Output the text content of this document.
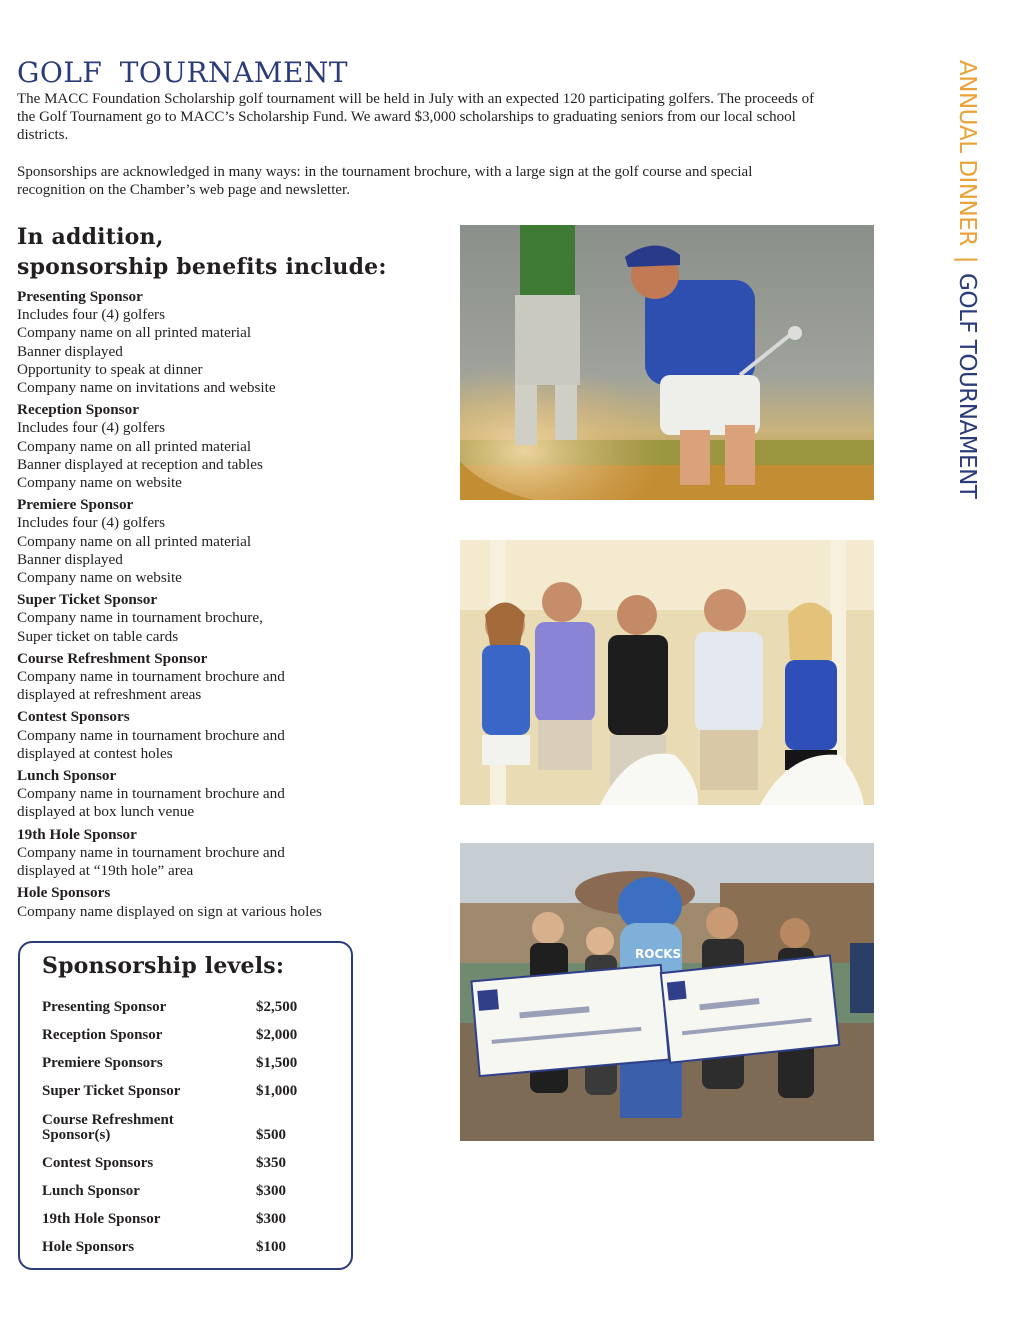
GOLF TOURNAMENT

The MACC Foundation Scholarship golf tournament will be held in July with an expected 120 participating golfers. The proceeds of the Golf Tournament go to MACC’s Scholarship Fund. We award $3,000 scholarships to graduating seniors from our local school districts.

Sponsorships are acknowledged in many ways: in the tournament brochure, with a large sign at the golf course and special recognition on the Chamber’s web page and newsletter.

In addition,
sponsorship benefits include:
Presenting Sponsor
Includes four (4) golfers
Company name on all printed material
Banner displayed
Opportunity to speak at dinner
Company name on invitations and website
Reception Sponsor
Includes four (4) golfers
Company name on all printed material
Banner displayed at reception and tables
Company name on website
Premiere Sponsor
Includes four (4) golfers
Company name on all printed material
Banner displayed
Company name on website
Super Ticket Sponsor
Company name in tournament brochure,
Super ticket on table cards
Course Refreshment Sponsor
Company name in tournament brochure and
displayed at refreshment areas
Contest Sponsors
Company name in tournament brochure and
displayed at contest holes
Lunch Sponsor
Company name in tournament brochure and
displayed at box lunch venue
19th Hole Sponsor
Company name in tournament brochure and
displayed at “19th hole” area
Hole Sponsors
Company name displayed on sign at various holes
Sponsorship levels:
Presenting Sponsor	$2,500
Reception Sponsor	$2,000
Premiere Sponsors	$1,500
Super Ticket Sponsor	$1,000
Course Refreshment Sponsor(s)	$500
Contest Sponsors	$350
Lunch Sponsor	$300
19th Hole Sponsor	$300
Hole Sponsors	$100
ROCKS
ANNUAL DINNER|GOLF TOURNAMENT
